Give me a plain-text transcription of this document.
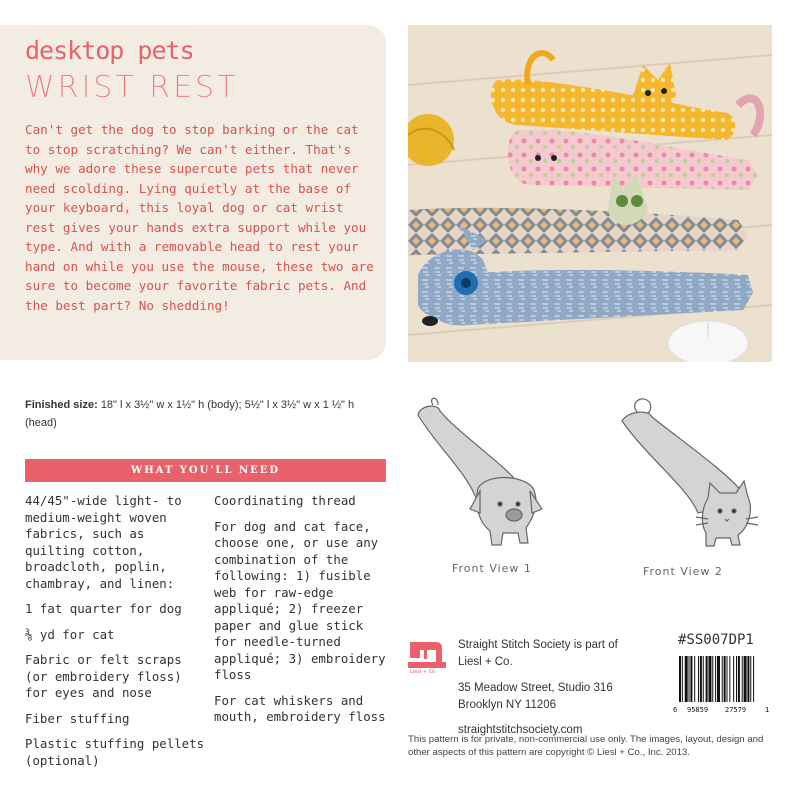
desktop pets
WRIST REST

Can't get the dog to stop barking or the cat to stop scratching? We can't either. That's why we adore these supercute pets that never need scolding. Lying quietly at the base of your keyboard, this loyal dog or cat wrist rest gives your hands extra support while you type. And with a removable head to rest your hand on while you use the mouse, these two are sure to become your favorite fabric pets. And the best part? No shedding!

Finished size: 18" l x 3½" w x 1½" h (body); 5½" l x 3½" w x 1 ½" h (head)

WHAT YOU'LL NEED
44/45"-wide light- to medium-weight woven fabrics, such as quilting cotton, broadcloth, poplin, chambray, and linen:
1 fat quarter for dog
⅜ yd for cat
Fabric or felt scraps (or embroidery floss) for eyes and nose
Fiber stuffing
Plastic stuffing pellets (optional)
Coordinating thread
For dog and cat face, choose one, or use any combination of the following: 1) fusible web for raw-edge appliqué; 2) freezer paper and glue stick for needle-turned appliqué; 3) embroidery floss
For cat whiskers and mouth, embroidery floss
Front View 1	Front View 2
Liesl + Co
Straight Stitch Society is part of
Liesl + Co.
35 Meadow Street, Studio 316
Brooklyn NY 11206
straightstitchsociety.com
#SS007DP1
6 95859 27579	1

This pattern is for private, non-commercial use only. The images, layout, design and other aspects of this pattern are copyright © Liesl + Co., Inc. 2013.
